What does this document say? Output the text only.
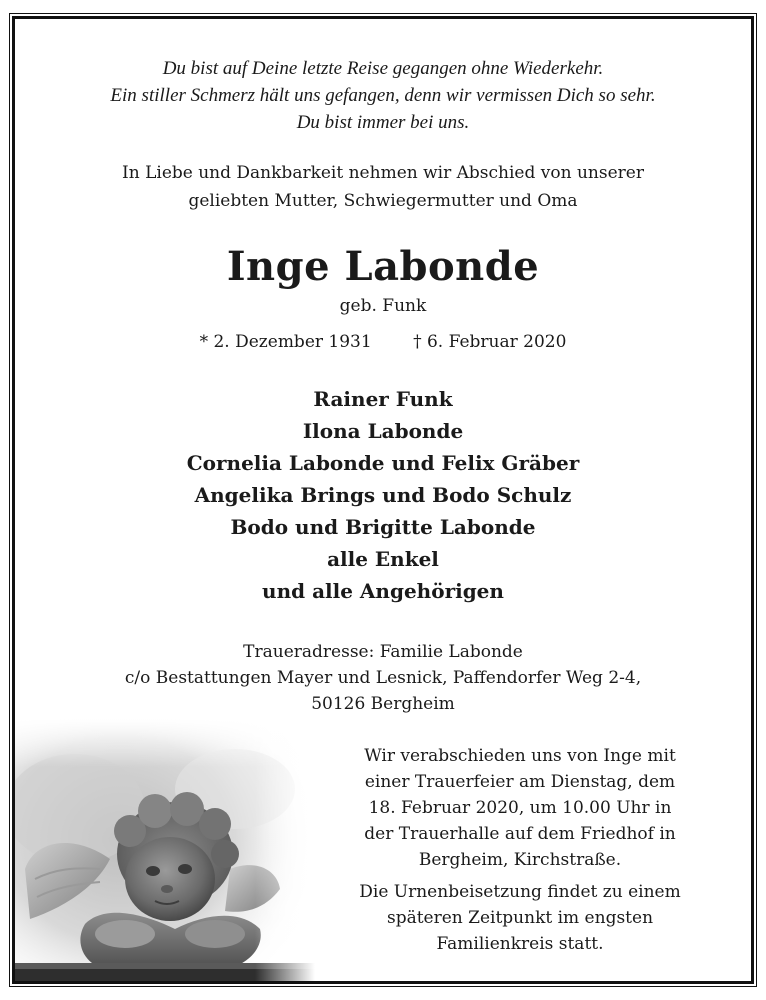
Du bist auf Deine letzte Reise gegangen ohne Wiederkehr.
Ein stiller Schmerz hält uns gefangen, denn wir vermissen Dich so sehr.
Du bist immer bei uns.
In Liebe und Dankbarkeit nehmen wir Abschied von unserer
geliebten Mutter, Schwiegermutter und Oma
Inge Labonde
geb. Funk
* 2. Dezember 1931 † 6. Februar 2020
Rainer Funk
Ilona Labonde
Cornelia Labonde und Felix Gräber
Angelika Brings und Bodo Schulz
Bodo und Brigitte Labonde
alle Enkel
und alle Angehörigen
Traueradresse: Familie Labonde
c/o Bestattungen Mayer und Lesnick, Paffendorfer Weg 2-4,
50126 Bergheim
Wir verabschieden uns von Inge mit
einer Trauerfeier am Dienstag, dem
18. Februar 2020, um 10.00 Uhr in
der Trauerhalle auf dem Friedhof in
Bergheim, Kirchstraße.
Die Urnenbeisetzung findet zu einem
späteren Zeitpunkt im engsten
Familienkreis statt.
